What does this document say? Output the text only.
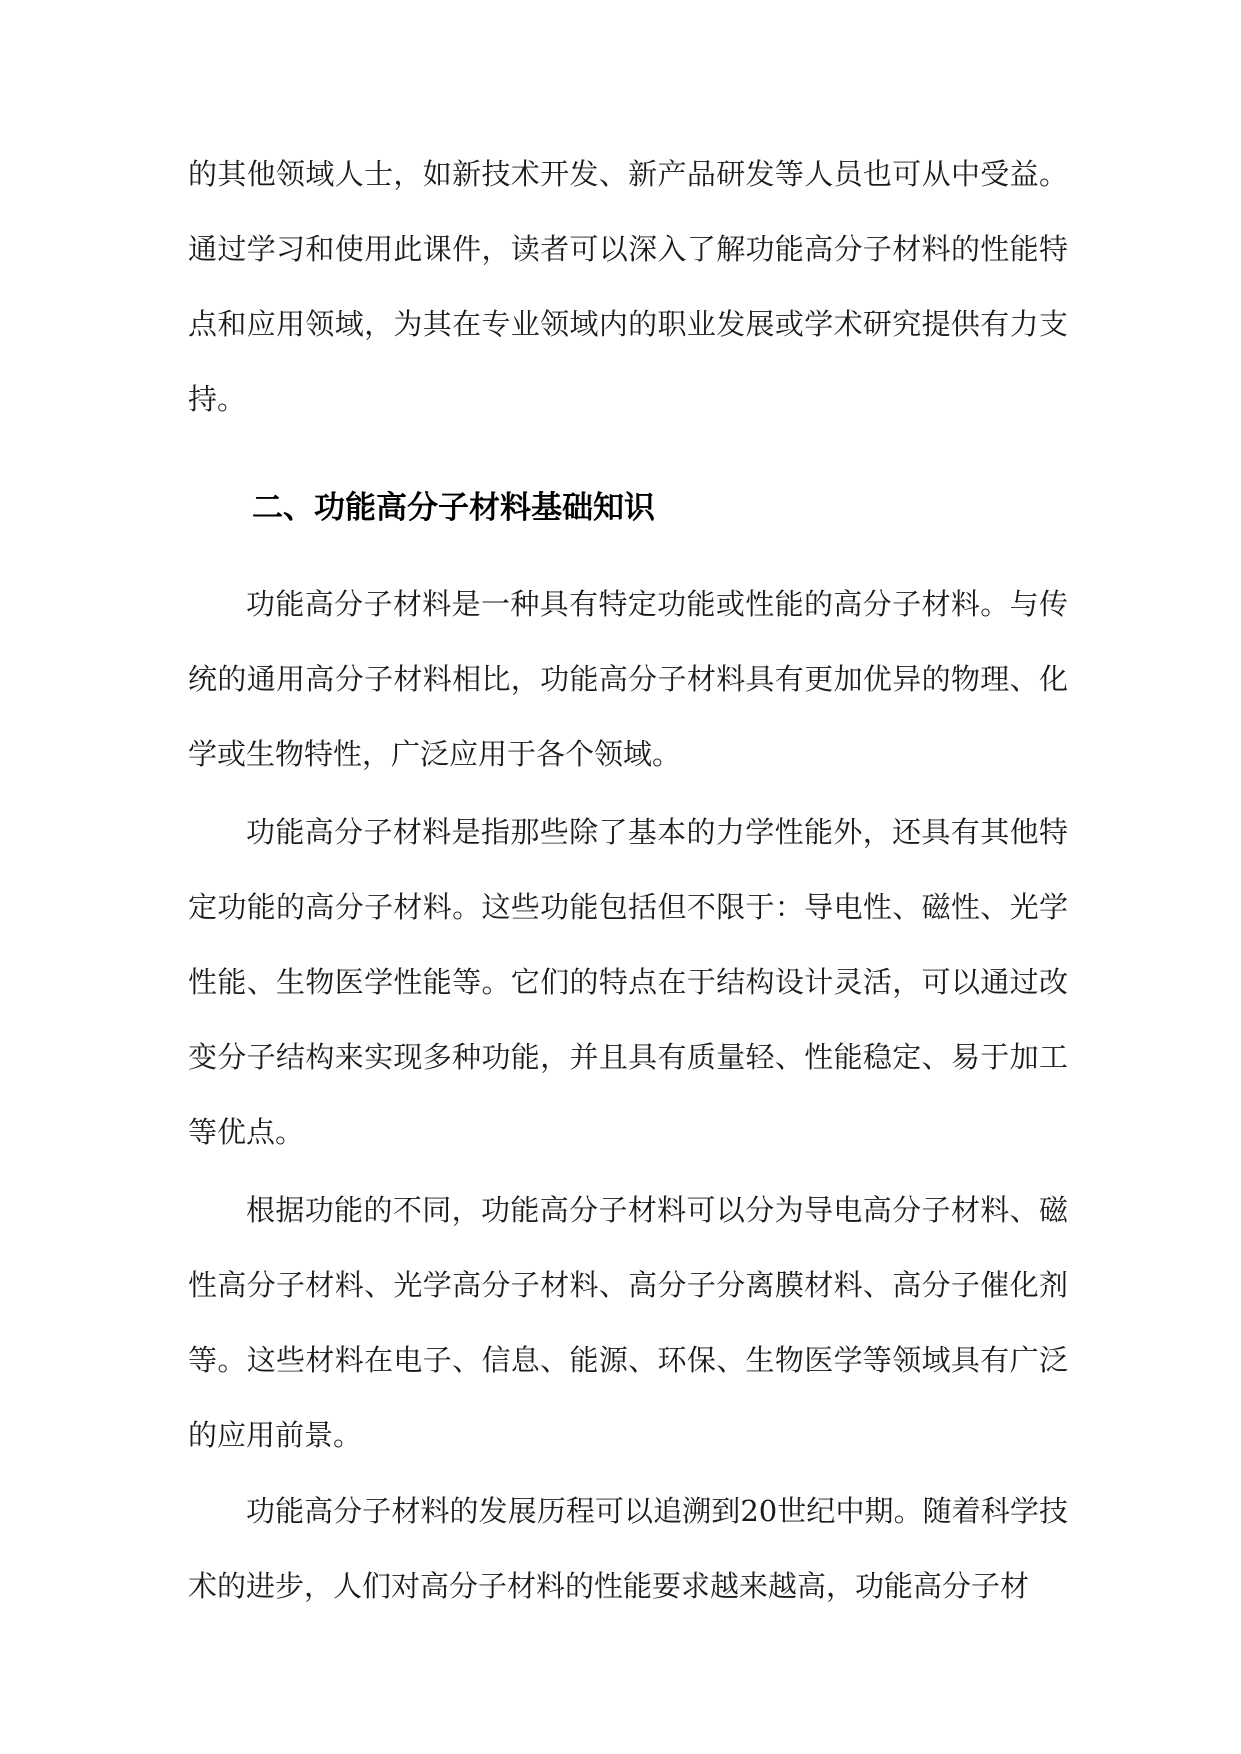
的其他领域人士，如新技术开发、新产品研发等人员也可从中受益。通过学习和使用此课件，读者可以深入了解功能高分子材料的性能特点和应用领域，为其在专业领域内的职业发展或学术研究提供有力支持。

二、功能高分子材料基础知识

功能高分子材料是一种具有特定功能或性能的高分子材料。与传统的通用高分子材料相比，功能高分子材料具有更加优异的物理、化学或生物特性，广泛应用于各个领域。

功能高分子材料是指那些除了基本的力学性能外，还具有其他特定功能的高分子材料。这些功能包括但不限于：导电性、磁性、光学性能、生物医学性能等。它们的特点在于结构设计灵活，可以通过改变分子结构来实现多种功能，并且具有质量轻、性能稳定、易于加工等优点。

根据功能的不同，功能高分子材料可以分为导电高分子材料、磁性高分子材料、光学高分子材料、高分子分离膜材料、高分子催化剂等。这些材料在电子、信息、能源、环保、生物医学等领域具有广泛的应用前景。

功能高分子材料的发展历程可以追溯到20世纪中期。随着科学技术的进步，人们对高分子材料的性能要求越来越高，功能高分子材
